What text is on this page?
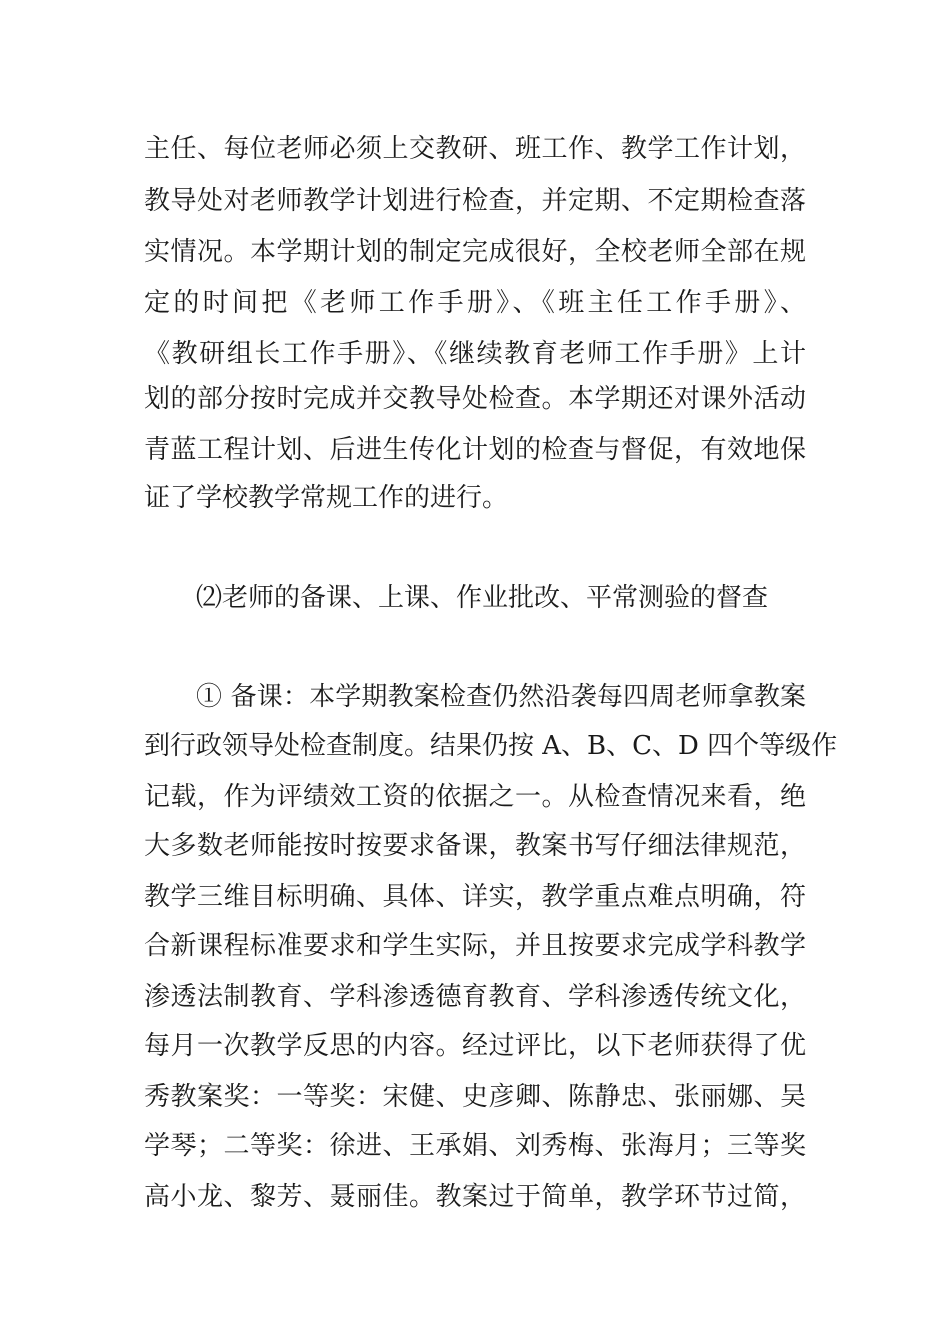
主任、每位老师必须上交教研、班工作、教学工作计划，
教导处对老师教学计划进行检查，并定期、不定期检查落
实情况。本学期计划的制定完成很好，全校老师全部在规
定的时间把《老师工作手册》、《班主任工作手册》、
《教研组长工作手册》、《继续教育老师工作手册》上计
划的部分按时完成并交教导处检查。本学期还对课外活动
青蓝工程计划、后进生传化计划的检查与督促，有效地保
证了学校教学常规工作的进行。
⑵老师的备课、上课、作业批改、平常测验的督查
① 备课：本学期教案检查仍然沿袭每四周老师拿教案
到行政领导处检查制度。结果仍按 A、B、C、D 四个等级作
记载，作为评绩效工资的依据之一。从检查情况来看，绝
大多数老师能按时按要求备课，教案书写仔细法律规范，
教学三维目标明确、具体、详实，教学重点难点明确，符
合新课程标准要求和学生实际，并且按要求完成学科教学
渗透法制教育、学科渗透德育教育、学科渗透传统文化，
每月一次教学反思的内容。经过评比，以下老师获得了优
秀教案奖：一等奖：宋健、史彦卿、陈静忠、张丽娜、吴
学琴；二等奖：徐进、王承娟、刘秀梅、张海月；三等奖
高小龙、黎芳、聂丽佳。教案过于简单，教学环节过简，
